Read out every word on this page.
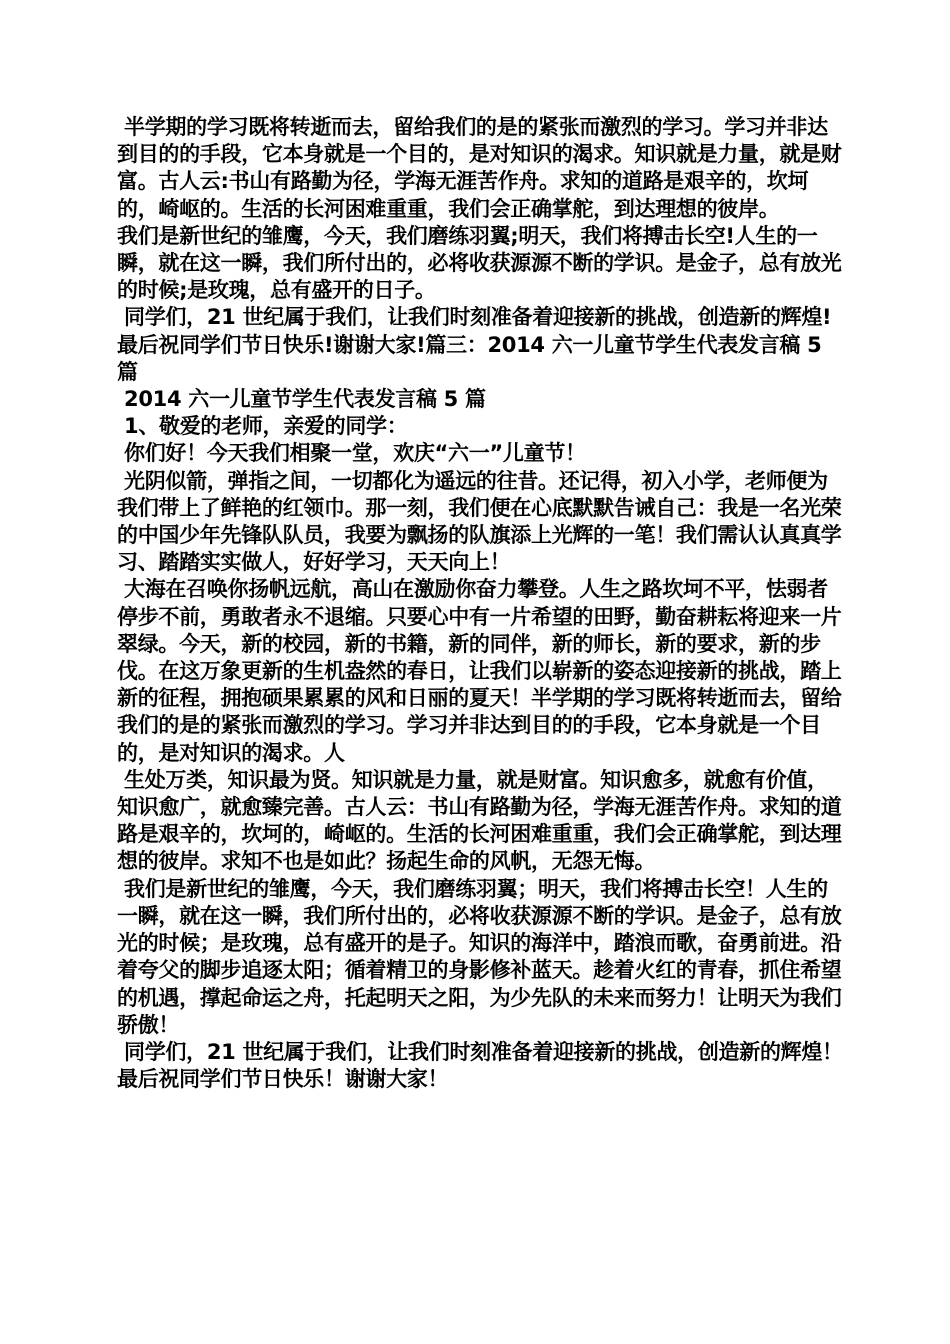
半学期的学习既将转逝而去，留给我们的是的紧张而激烈的学习。学习并非达到目的的手段，它本身就是一个目的，是对知识的渴求。知识就是力量，就是财富。古人云:书山有路勤为径，学海无涯苦作舟。求知的道路是艰辛的，坎坷的，崎岖的。生活的长河困难重重，我们会正确掌舵，到达理想的彼岸。

我们是新世纪的雏鹰，今天，我们磨练羽翼;明天，我们将搏击长空!人生的一瞬，就在这一瞬，我们所付出的，必将收获源源不断的学识。是金子，总有放光的时候;是玫瑰，总有盛开的日子。

同学们，21 世纪属于我们，让我们时刻准备着迎接新的挑战，创造新的辉煌!最后祝同学们节日快乐!谢谢大家!篇三：2014 六一儿童节学生代表发言稿 5 篇

2014 六一儿童节学生代表发言稿 5 篇

1、敬爱的老师，亲爱的同学：

你们好！今天我们相聚一堂，欢庆“六一”儿童节！

光阴似箭，弹指之间，一切都化为遥远的往昔。还记得，初入小学，老师便为我们带上了鲜艳的红领巾。那一刻，我们便在心底默默告诫自己：我是一名光荣的中国少年先锋队队员，我要为飘扬的队旗添上光辉的一笔！我们需认认真真学习、踏踏实实做人，好好学习，天天向上！

大海在召唤你扬帆远航，高山在激励你奋力攀登。人生之路坎坷不平，怯弱者停步不前，勇敢者永不退缩。只要心中有一片希望的田野，勤奋耕耘将迎来一片翠绿。今天，新的校园，新的书籍，新的同伴，新的师长，新的要求，新的步伐。在这万象更新的生机盎然的春日，让我们以崭新的姿态迎接新的挑战，踏上新的征程，拥抱硕果累累的风和日丽的夏天！半学期的学习既将转逝而去，留给我们的是的紧张而激烈的学习。学习并非达到目的的手段，它本身就是一个目的，是对知识的渴求。人

生处万类，知识最为贤。知识就是力量，就是财富。知识愈多，就愈有价值，知识愈广，就愈臻完善。古人云：书山有路勤为径，学海无涯苦作舟。求知的道路是艰辛的，坎坷的，崎岖的。生活的长河困难重重，我们会正确掌舵，到达理想的彼岸。求知不也是如此？扬起生命的风帆，无怨无悔。

我们是新世纪的雏鹰，今天，我们磨练羽翼；明天，我们将搏击长空！人生的一瞬，就在这一瞬，我们所付出的，必将收获源源不断的学识。是金子，总有放光的时候；是玫瑰，总有盛开的是子。知识的海洋中，踏浪而歌，奋勇前进。沿着夸父的脚步追逐太阳；循着精卫的身影修补蓝天。趁着火红的青春，抓住希望的机遇，撑起命运之舟，托起明天之阳，为少先队的未来而努力！让明天为我们骄傲！

同学们，21 世纪属于我们，让我们时刻准备着迎接新的挑战，创造新的辉煌！最后祝同学们节日快乐！谢谢大家！
